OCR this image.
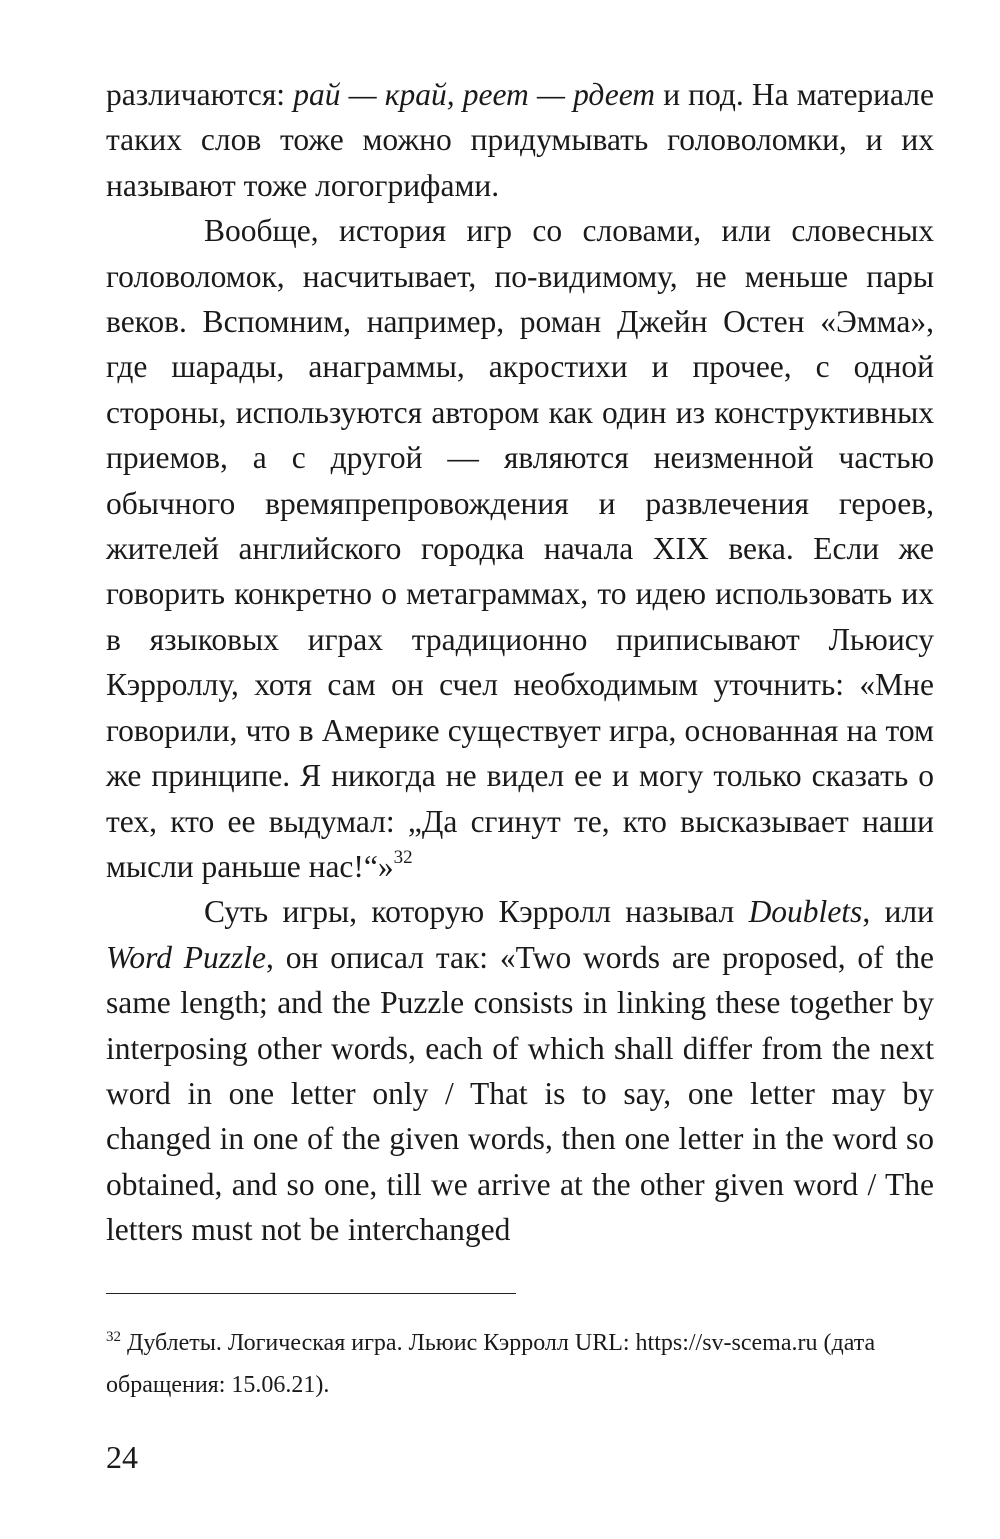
различаются: рай — край, реет — рдеет и под. На материале таких слов тоже можно придумывать головоломки, и их называют тоже логогрифами.

Вообще, история игр со словами, или словесных головоломок, насчитывает, по-видимому, не меньше пары веков. Вспомним, например, роман Джейн Остен «Эмма», где шарады, анаграммы, акростихи и прочее, с одной стороны, используются автором как один из конструктивных приемов, а с другой — являются неизменной частью обычного времяпрепровождения и развлечения героев, жителей английского городка начала XIX века. Если же говорить конкретно о метаграммах, то идею использовать их в языковых играх традиционно приписывают Льюису Кэрроллу, хотя сам он счел необходимым уточнить: «Мне говорили, что в Америке существует игра, основанная на том же принципе. Я никогда не видел ее и могу только сказать о тех, кто ее выдумал: „Да сгинут те, кто высказывает наши мысли раньше нас!“»$^{32}$

Суть игры, которую Кэрролл называл Doublets, или Word Puzzle, он описал так: «Two words are proposed, of the same length; and the Puzzle consists in linking these together by interposing other words, each of which shall differ from the next word in one letter only / That is to say, one letter may by changed in one of the given words, then one letter in the word so obtained, and so one, till we arrive at the other given word / The letters must not be interchanged

$^{32}$ Дублеты. Логическая игра. Льюис Кэрролл URL: https://sv-scema.ru (дата обращения: 15.06.21).
24
